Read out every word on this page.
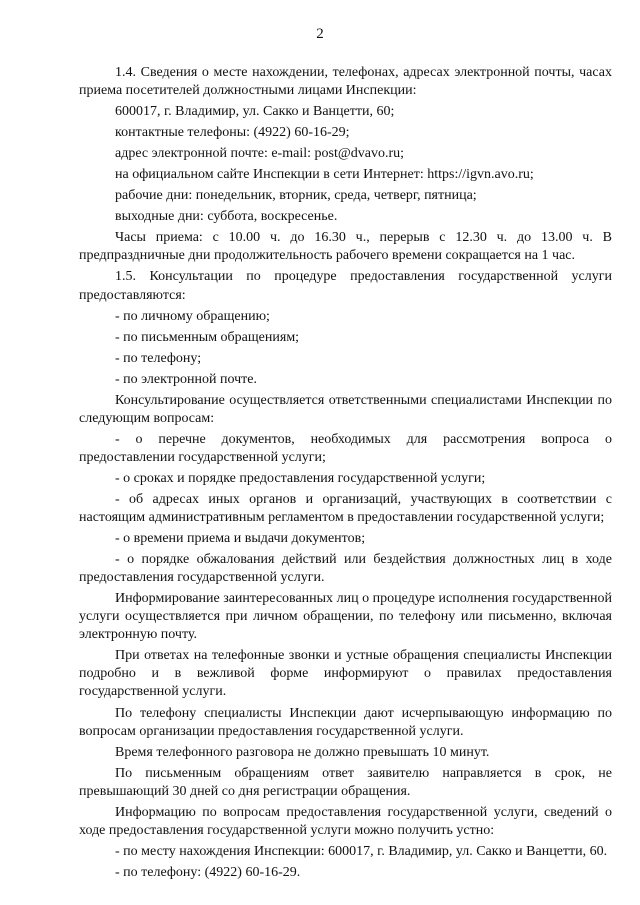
2

1.4. Сведения о месте нахождении, телефонах, адресах электронной почты, часах приема посетителей должностными лицами Инспекции:

600017, г. Владимир, ул. Сакко и Ванцетти, 60;

контактные телефоны: (4922) 60-16-29;

адрес электронной почте: e-mail: post@dvavo.ru;

на официальном сайте Инспекции в сети Интернет: https://igvn.avo.ru;

рабочие дни: понедельник, вторник, среда, четверг, пятница;

выходные дни: суббота, воскресенье.

Часы приема: с 10.00 ч. до 16.30 ч., перерыв с 12.30 ч. до 13.00 ч. В предпраздничные дни продолжительность рабочего времени сокращается на 1 час.

1.5. Консультации по процедуре предоставления государственной услуги предоставляются:

- по личному обращению;

- по письменным обращениям;

- по телефону;

- по электронной почте.

Консультирование осуществляется ответственными специалистами Инспекции по следующим вопросам:

- о перечне документов, необходимых для рассмотрения вопроса о предоставлении государственной услуги;

- о сроках и порядке предоставления государственной услуги;

- об адресах иных органов и организаций, участвующих в соответствии с настоящим административным регламентом в предоставлении государственной услуги;

- о времени приема и выдачи документов;

- о порядке обжалования действий или бездействия должностных лиц в ходе предоставления государственной услуги.

Информирование заинтересованных лиц о процедуре исполнения государственной услуги осуществляется при личном обращении, по телефону или письменно, включая электронную почту.

При ответах на телефонные звонки и устные обращения специалисты Инспекции подробно и в вежливой форме информируют о правилах предоставления государственной услуги.

По телефону специалисты Инспекции дают исчерпывающую информацию по вопросам организации предоставления государственной услуги.

Время телефонного разговора не должно превышать 10 минут.

По письменным обращениям ответ заявителю направляется в срок, не превышающий 30 дней со дня регистрации обращения.

Информацию по вопросам предоставления государственной услуги, сведений о ходе предоставления государственной услуги можно получить устно:

- по месту нахождения Инспекции: 600017, г. Владимир, ул. Сакко и Ванцетти, 60.

- по телефону: (4922) 60-16-29.
